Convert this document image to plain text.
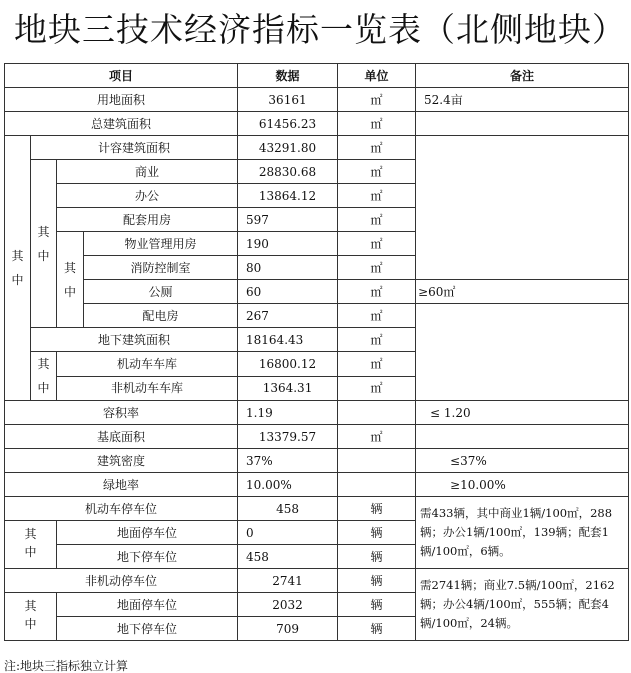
地块三技术经济指标一览表（北侧地块）
项目				数据	单位	备注
用地面积				36161	㎡	52.4亩
总建筑面积				61456.23	㎡	
其中	计容建筑面积			43291.80	㎡	
	其中	商业		28830.68	㎡	
		办公		13864.12	㎡	
		配套用房		597	㎡	
		其中	物业管理用房	190	㎡	
			消防控制室	80	㎡	
			公厕	60	㎡	≥60㎡
			配电房	267	㎡	
	地下建筑面积			18164.43	㎡	
	其中	机动车车库		16800.12	㎡	
		非机动车车库		1364.31	㎡	
容积率				1.19		≤ 1.20
基底面积				13379.57	㎡	
建筑密度				37%		≤37%
绿地率				10.00%		≥10.00%
机动车停车位				458	辆	需433辆，其中商业1辆/100㎡，288辆；办公1辆/100㎡，139辆；配套1辆/100㎡，6辆。
其中		地面停车位		0	辆	
		地下停车位		458	辆	
非机动停车位				2741	辆	需2741辆；商业7.5辆/100㎡，2162辆；办公4辆/100㎡，555辆；配套4辆/100㎡，24辆。
其中		地面停车位		2032	辆	
		地下停车位		709	辆	
注:地块三指标独立计算
